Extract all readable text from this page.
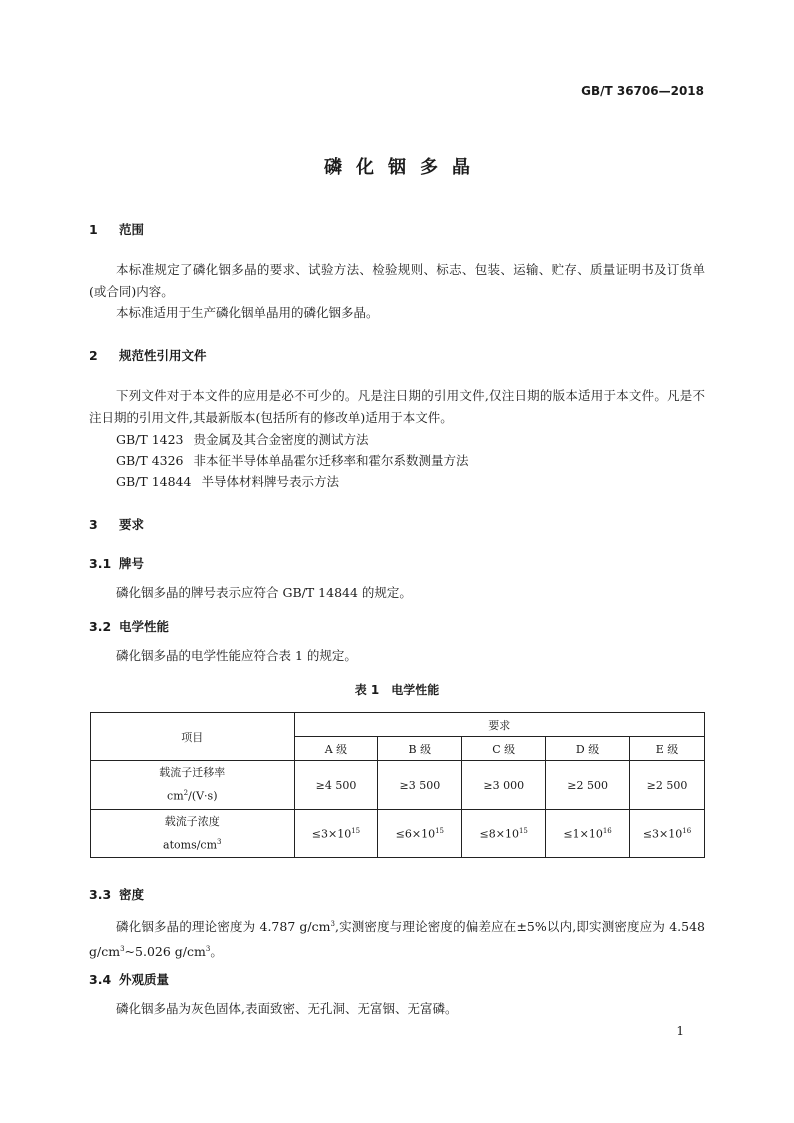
GB/T 36706—2018
磷化铟多晶
1 范围
本标准规定了磷化铟多晶的要求、试验方法、检验规则、标志、包装、运输、贮存、质量证明书及订货单(或合同)内容。
本标准适用于生产磷化铟单晶用的磷化铟多晶。
2 规范性引用文件
下列文件对于本文件的应用是必不可少的。凡是注日期的引用文件,仅注日期的版本适用于本文件。凡是不注日期的引用文件,其最新版本(包括所有的修改单)适用于本文件。
GB/T 1423 贵金属及其合金密度的测试方法
GB/T 4326 非本征半导体单晶霍尔迁移率和霍尔系数测量方法
GB/T 14844 半导体材料牌号表示方法
3 要求
3.1 牌号
磷化铟多晶的牌号表示应符合 GB/T 14844 的规定。
3.2 电学性能
磷化铟多晶的电学性能应符合表 1 的规定。
表 1　电学性能
项目	要求				
	A 级	B 级	C 级	D 级	E 级

载流子迁移率
$cm^2/(V\cdot s)$	≥4 500	≥3 500	≥3 000	≥2 500	≥2 500

载流子浓度
atoms/$cm^3$	$\le 3\times 10^{15}$	$\le 6\times 10^{15}$	$\le 8\times 10^{15}$	$\le 1\times 10^{16}$	$\le 3\times 10^{16}$
3.3 密度
磷化铟多晶的理论密度为 4.787 $g/cm^3$,实测密度与理论密度的偏差应在±5%以内,即实测密度应为 4.548 $g/cm^3\sim 5.026$ $g/cm^3$。
3.4 外观质量
磷化铟多晶为灰色固体,表面致密、无孔洞、无富铟、无富磷。
1
